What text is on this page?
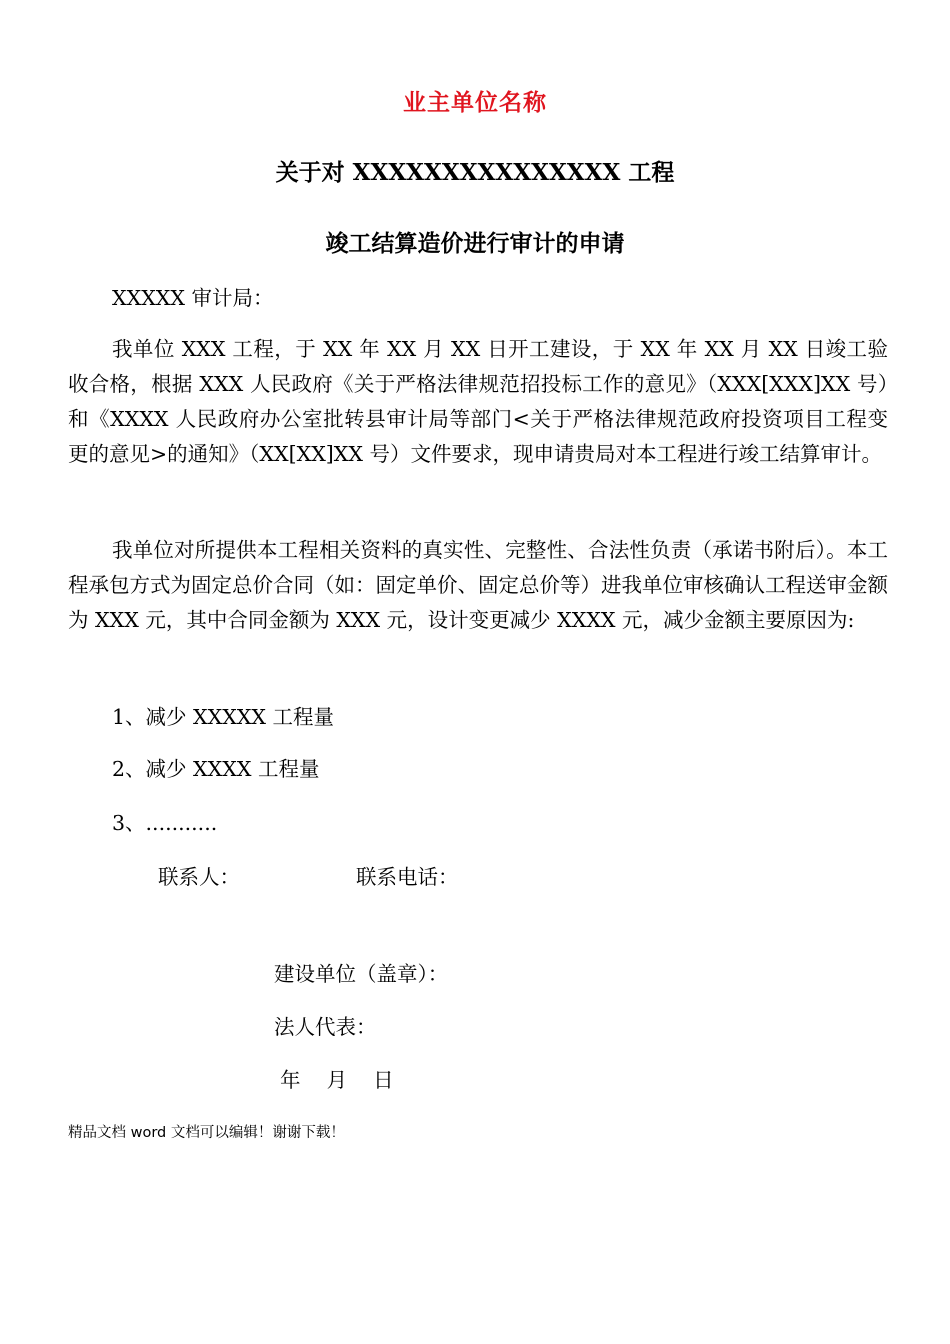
业主单位名称
关于对 XXXXXXXXXXXXXXX 工程
竣工结算造价进行审计的申请
XXXXX 审计局：
我单位 XXX 工程，于 XX 年 XX 月 XX 日开工建设，于 XX 年 XX 月 XX 日竣工验收合格，根据 XXX 人民政府《关于严格法律规范招投标工作的意见》（XXX[XXX]XX 号）和《XXXX 人民政府办公室批转县审计局等部门<关于严格法律规范政府投资项目工程变更的意见>的通知》（XX[XX]XX 号）文件要求，现申请贵局对本工程进行竣工结算审计。
我单位对所提供本工程相关资料的真实性、完整性、合法性负责（承诺书附后）。本工程承包方式为固定总价合同（如：固定单价、固定总价等）进我单位审核确认工程送审金额为 XXX 元，其中合同金额为 XXX 元，设计变更减少 XXXX 元，减少金额主要原因为:
1、减少 XXXXX 工程量
2、减少 XXXX 工程量
3、...........
联系人：	联系电话：
建设单位（盖章）：
法人代表：
年    月    日
精品文档 word 文档可以编辑！谢谢下载！
